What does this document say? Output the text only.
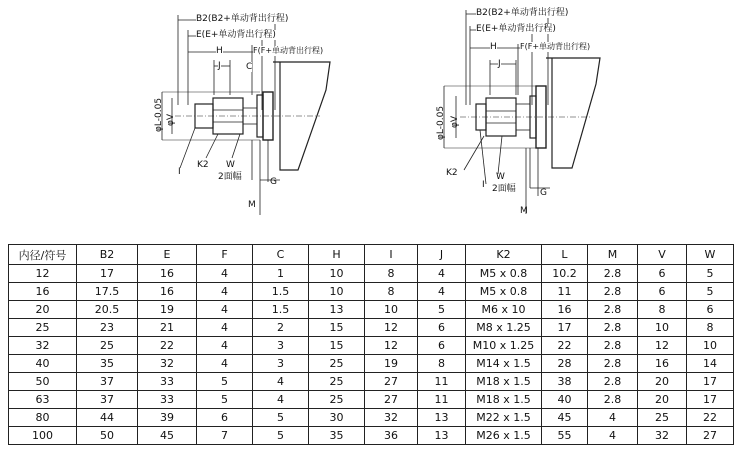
B2(B2+单动背出行程)
E(E+单动背出行程)
H	F(F+单动背出行程)
C
J
φL-0.05 φV
I
K2 W
2面幅	G
M
B2(B2+单动背出行程)
E(E+单动背出行程)
H	F(F+单动背出行程)
J
φL-0.05 φV
K2
I
W
2面幅	G
M
内径/符号	B2	E	F	C	H	I	J	K2	L	M	V	W
12	17	16	4	1	10	8	4	M5 x 0.8	10.2	2.8	6	5
16	17.5	16	4	1.5	10	8	4	M5 x 0.8	11	2.8	6	5
20	20.5	19	4	1.5	13	10	5	M6 x 10	16	2.8	8	6
25	23	21	4	2	15	12	6	M8 x 1.25	17	2.8	10	8
32	25	22	4	3	15	12	6	M10 x 1.25	22	2.8	12	10
40	35	32	4	3	25	19	8	M14 x 1.5	28	2.8	16	14
50	37	33	5	4	25	27	11	M18 x 1.5	38	2.8	20	17
63	37	33	5	4	25	27	11	M18 x 1.5	40	2.8	20	17
80	44	39	6	5	30	32	13	M22 x 1.5	45	4	25	22
100	50	45	7	5	35	36	13	M26 x 1.5	55	4	32	27
